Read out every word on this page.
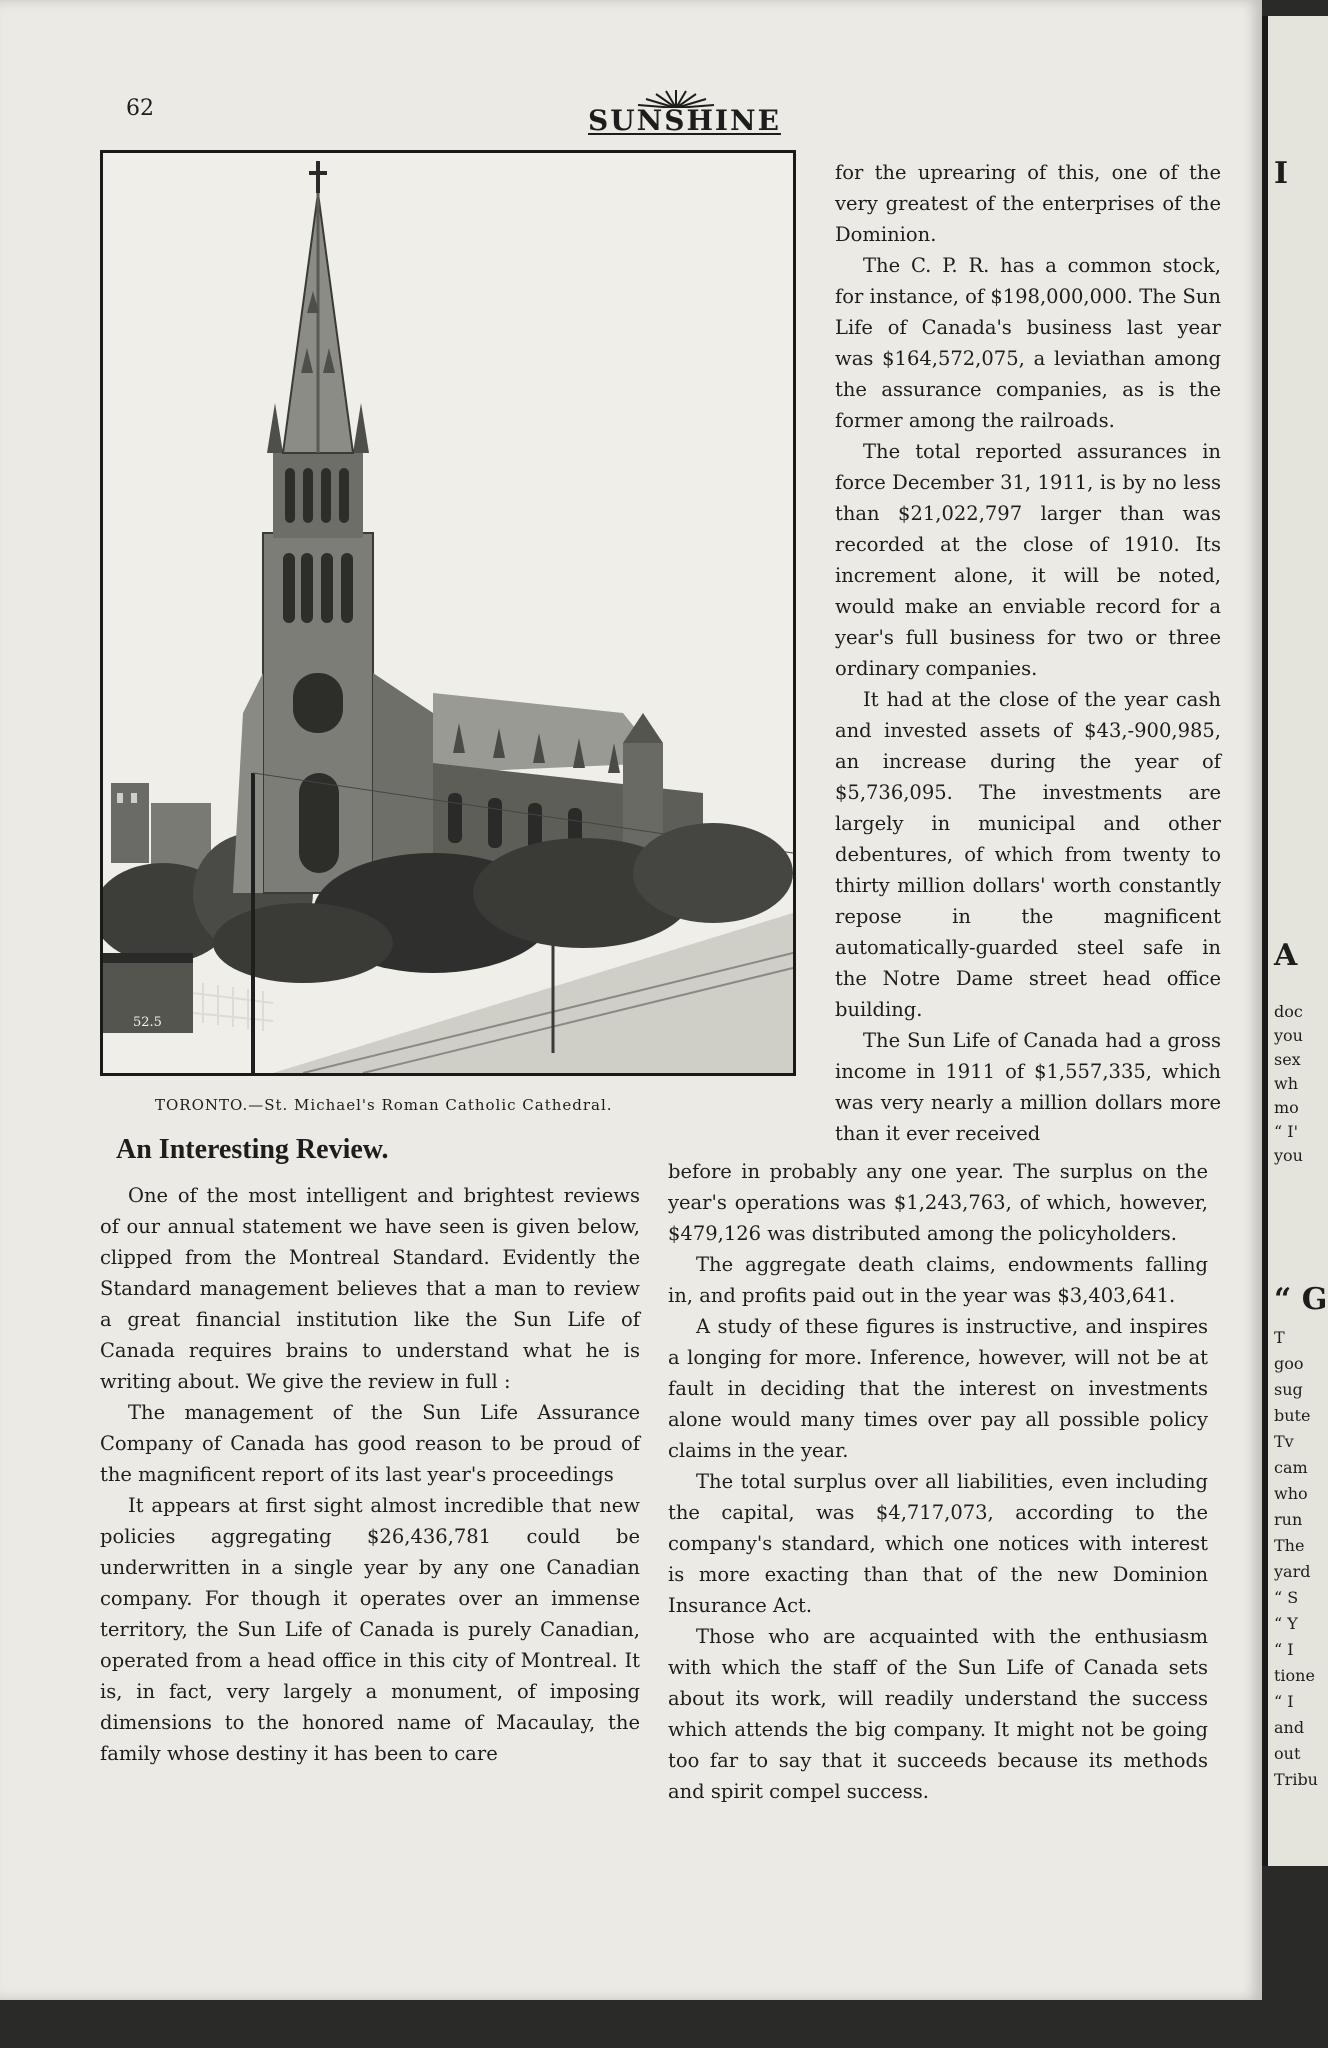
62	SUNSHINE
52.5
TORONTO.—St. Michael's Roman Catholic Cathedral.
An Interesting Review.

for the uprearing of this, one of the very greatest of the enterprises of the Dominion.

The C. P. R. has a common stock, for instance, of $198,000,000. The Sun Life of Canada's business last year was $164,572,075, a leviathan among the assurance companies, as is the former among the railroads.

The total reported assurances in force December 31, 1911, is by no less than $21,022,797 larger than was recorded at the close of 1910. Its increment alone, it will be noted, would make an enviable record for a year's full business for two or three ordinary companies.

It had at the close of the year cash and invested assets of $43,-900,985, an increase during the year of $5,736,095. The investments are largely in municipal and other debentures, of which from twenty to thirty million dollars' worth constantly repose in the magnificent automatically-guarded steel safe in the Notre Dame street head office building.

The Sun Life of Canada had a gross income in 1911 of $1,557,335, which was very nearly a million dollars more than it ever received

One of the most intelligent and brightest reviews of our annual statement we have seen is given below, clipped from the Montreal Standard. Evidently the Standard management believes that a man to review a great financial institution like the Sun Life of Canada requires brains to understand what he is writing about. We give the review in full :

The management of the Sun Life Assurance Company of Canada has good reason to be proud of the magnificent report of its last year's proceedings

It appears at first sight almost incredible that new policies aggregating $26,436,781 could be underwritten in a single year by any one Canadian company. For though it operates over an immense territory, the Sun Life of Canada is purely Canadian, operated from a head office in this city of Montreal. It is, in fact, very largely a monument, of imposing dimensions to the honored name of Macaulay, the family whose destiny it has been to care

before in probably any one year. The surplus on the year's operations was $1,243,763, of which, however, $479,126 was distributed among the policyholders.

The aggregate death claims, endowments falling in, and profits paid out in the year was $3,403,641.

A study of these figures is instructive, and inspires a longing for more. Inference, however, will not be at fault in deciding that the interest on investments alone would many times over pay all possible policy claims in the year.

The total surplus over all liabilities, even including the capital, was $4,717,073, according to the company's standard, which one notices with interest is more exacting than that of the new Dominion Insurance Act.

Those who are acquainted with the enthusiasm with which the staff of the Sun Life of Canada sets about its work, will readily understand the success which attends the big company. It might not be going too far to say that it succeeds because its methods and spirit compel success.

I
A
doc
you
sex
wh
mo
“ I'
you
“ G
T
goo
sug
bute
Tv
cam
who
run
The
yard
“ S
“ Y
“ I
tione
“ I
and
out
Tribu
